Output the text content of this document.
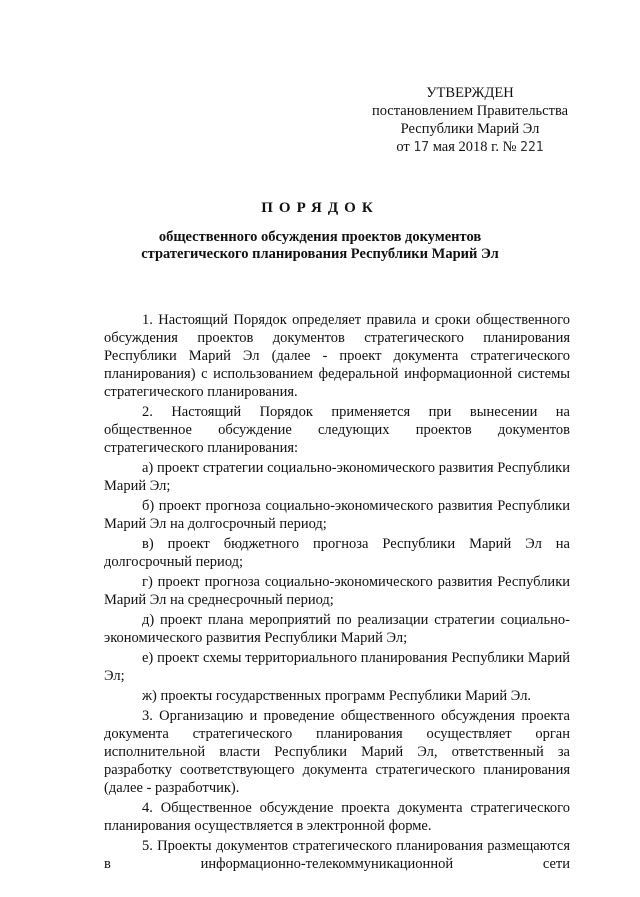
УТВЕРЖДЕН
постановлением Правительства
Республики Марий Эл
от 17 мая 2018 г. № 221
ПОРЯДОК
общественного обсуждения проектов документов
стратегического планирования Республики Марий Эл

1. Настоящий Порядок определяет правила и сроки общественного обсуждения проектов документов стратегического планирования Республики Марий Эл (далее - проект документа стратегического планирования) с использованием федеральной информационной системы стратегического планирования.

2. Настоящий Порядок применяется при вынесении на общественное обсуждение следующих проектов документов стратегического планирования:

а) проект стратегии социально-экономического развития Республики Марий Эл;

б) проект прогноза социально-экономического развития Республики Марий Эл на долгосрочный период;

в) проект бюджетного прогноза Республики Марий Эл на долгосрочный период;

г) проект прогноза социально-экономического развития Республики Марий Эл на среднесрочный период;

д) проект плана мероприятий по реализации стратегии социально-экономического развития Республики Марий Эл;

е) проект схемы территориального планирования Республики Марий Эл;

ж) проекты государственных программ Республики Марий Эл.

3. Организацию и проведение общественного обсуждения проекта документа стратегического планирования осуществляет орган исполнительной власти Республики Марий Эл, ответственный за разработку соответствующего документа стратегического планирования (далее - разработчик).

4. Общественное обсуждение проекта документа стратегического планирования осуществляется в электронной форме.

5. Проекты документов стратегического планирования размещаются в информационно-телекоммуникационной сети
